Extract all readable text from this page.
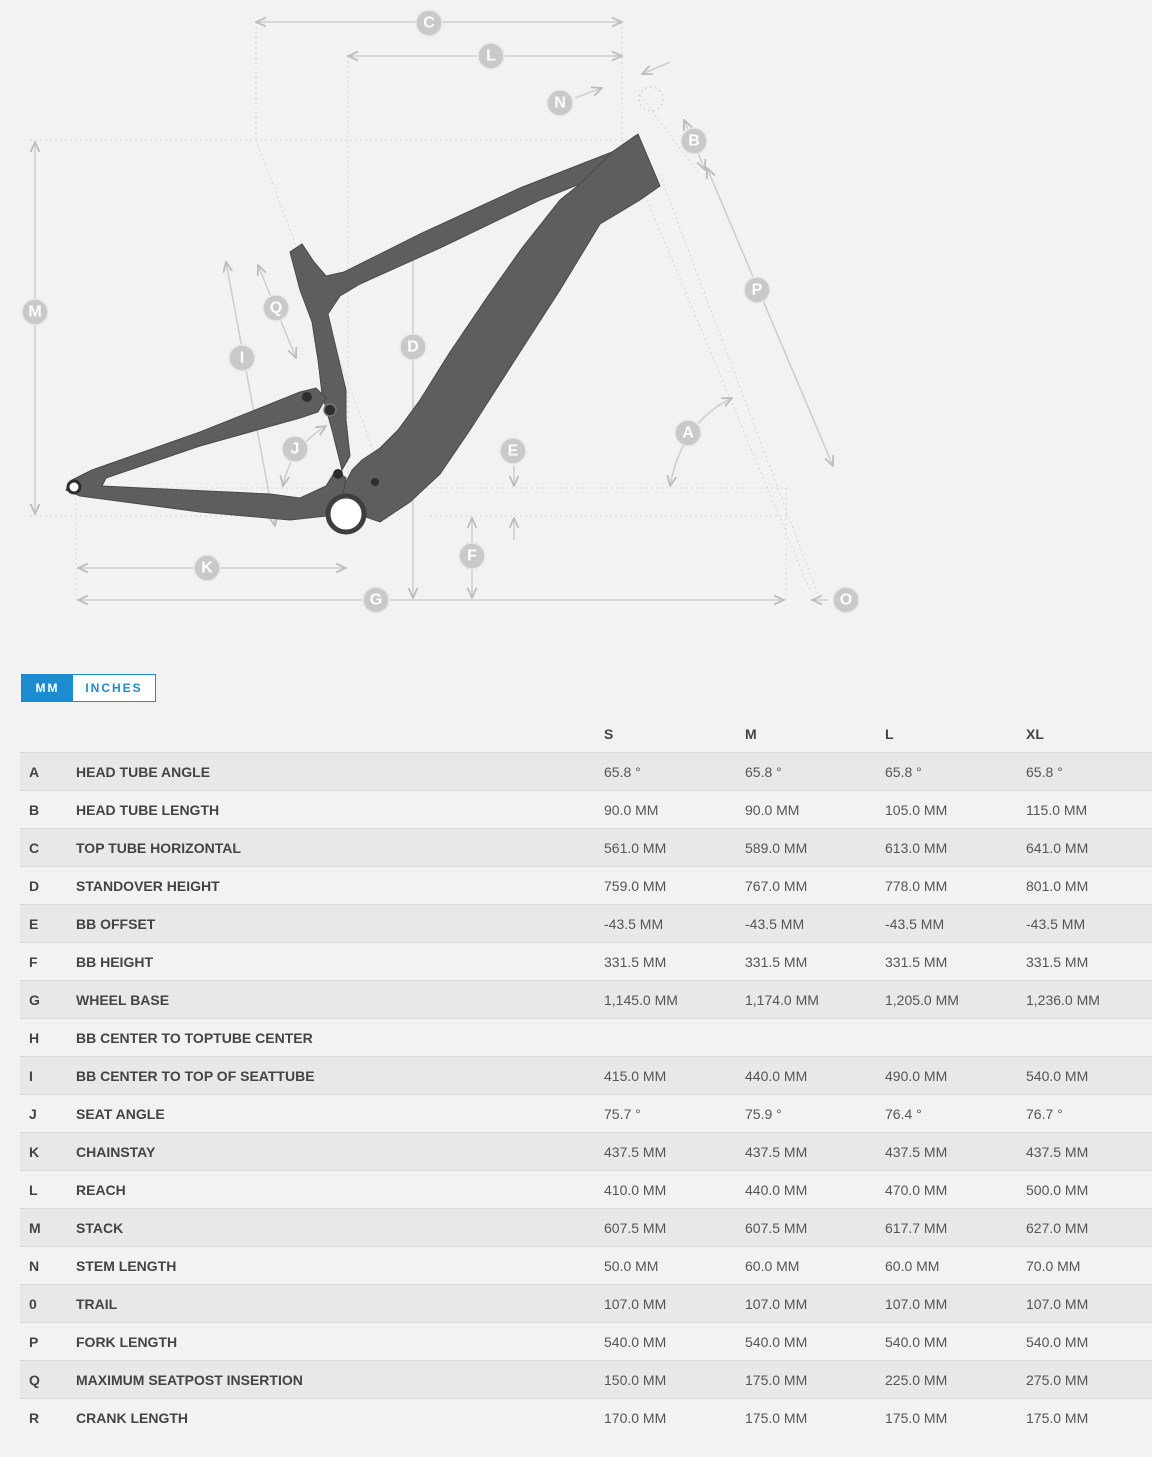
C
L
N
B
P
M	Q
D
I
A
J	E
F
K
G	O
MM	INCHES
		S	M	L	XL
A	HEAD TUBE ANGLE	65.8 °	65.8 °	65.8 °	65.8 °
B	HEAD TUBE LENGTH	90.0 MM	90.0 MM	105.0 MM	115.0 MM
C	TOP TUBE HORIZONTAL	561.0 MM	589.0 MM	613.0 MM	641.0 MM
D	STANDOVER HEIGHT	759.0 MM	767.0 MM	778.0 MM	801.0 MM
E	BB OFFSET	-43.5 MM	-43.5 MM	-43.5 MM	-43.5 MM
F	BB HEIGHT	331.5 MM	331.5 MM	331.5 MM	331.5 MM
G	WHEEL BASE	1,145.0 MM	1,174.0 MM	1,205.0 MM	1,236.0 MM
H	BB CENTER TO TOPTUBE CENTER				
I	BB CENTER TO TOP OF SEATTUBE	415.0 MM	440.0 MM	490.0 MM	540.0 MM
J	SEAT ANGLE	75.7 °	75.9 °	76.4 °	76.7 °
K	CHAINSTAY	437.5 MM	437.5 MM	437.5 MM	437.5 MM
L	REACH	410.0 MM	440.0 MM	470.0 MM	500.0 MM
M	STACK	607.5 MM	607.5 MM	617.7 MM	627.0 MM
N	STEM LENGTH	50.0 MM	60.0 MM	60.0 MM	70.0 MM
0	TRAIL	107.0 MM	107.0 MM	107.0 MM	107.0 MM
P	FORK LENGTH	540.0 MM	540.0 MM	540.0 MM	540.0 MM
Q	MAXIMUM SEATPOST INSERTION	150.0 MM	175.0 MM	225.0 MM	275.0 MM
R	CRANK LENGTH	170.0 MM	175.0 MM	175.0 MM	175.0 MM
